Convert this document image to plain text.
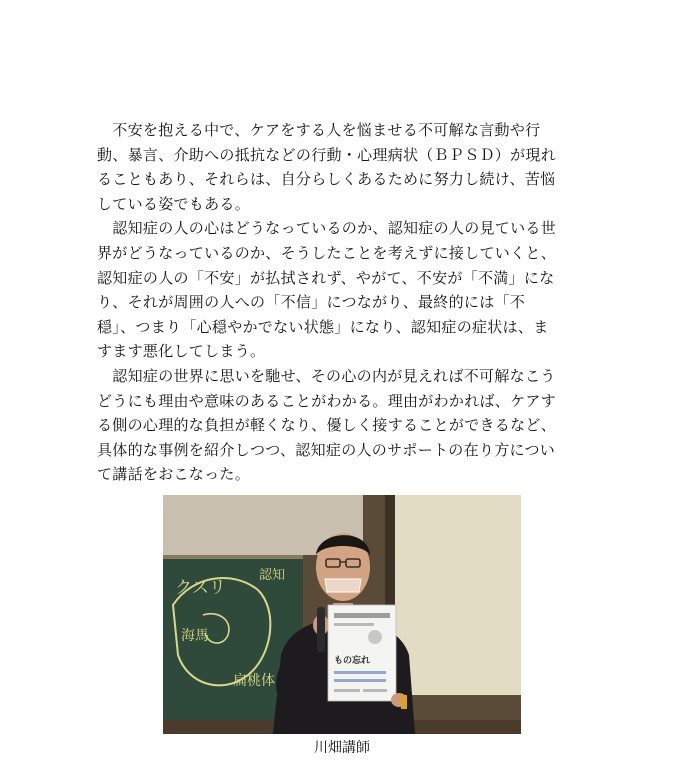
　不安を抱える中で、ケアをする人を悩ませる不可解な言動や行
動、暴言、介助への抵抗などの行動・心理病状（ＢＰＳＤ）が現れ
ることもあり、それらは、自分らしくあるために努力し続け、苦悩
している姿でもある。
　認知症の人の心はどうなっているのか、認知症の人の見ている世
界がどうなっているのか、そうしたことを考えずに接していくと、
認知症の人の「不安」が払拭されず、やがて、不安が「不満」にな
り、それが周囲の人への「不信」につながり、最終的には「不
穏」、つまり「心穏やかでない状態」になり、認知症の症状は、ま
すます悪化してしまう。
　認知症の世界に思いを馳せ、その心の内が見えれば不可解なこう
どうにも理由や意味のあることがわかる。理由がわかれば、ケアす
る側の心理的な負担が軽くなり、優しく接することができるなど、
具体的な事例を紹介しつつ、認知症の人のサポートの在り方につい
て講話をおこなった。
クスリ
認知
扁桃体
海馬
もの忘れ
川畑講師
